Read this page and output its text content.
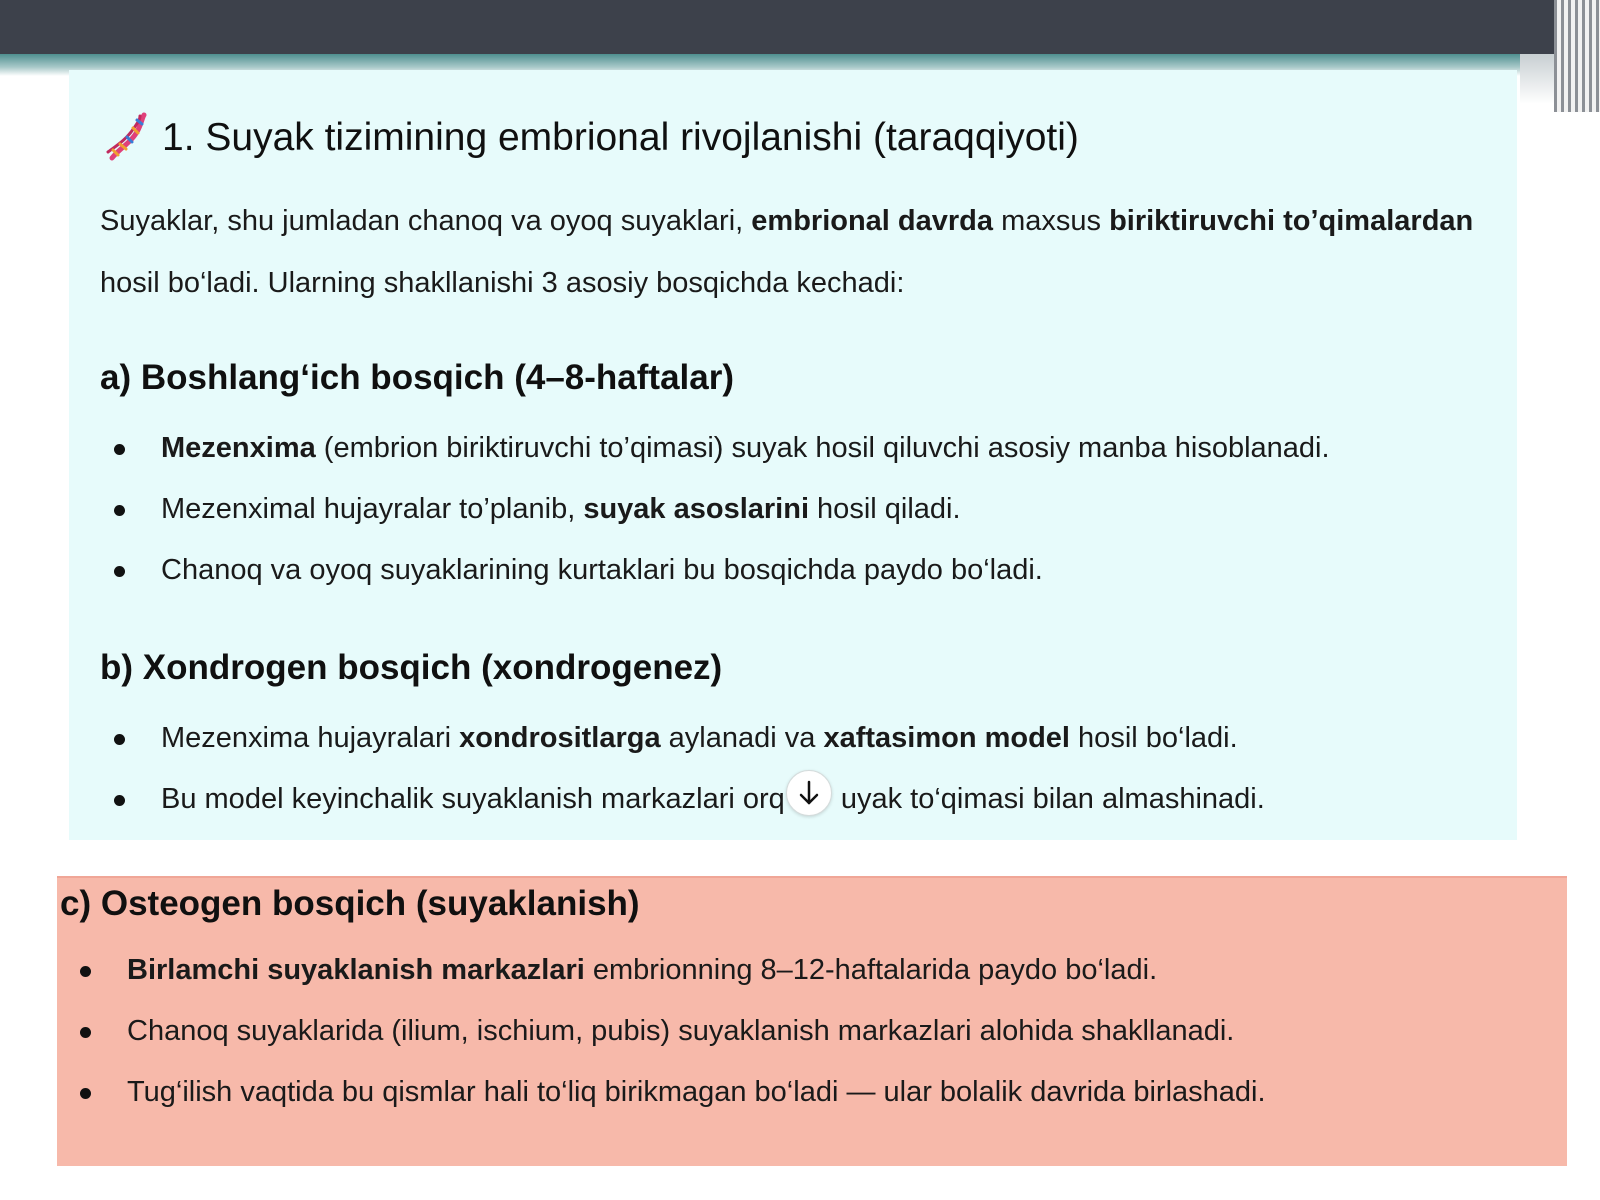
1. Suyak tizimining embrional rivojlanishi (taraqqiyoti)

Suyaklar, shu jumladan chanoq va oyoq suyaklari, embrional davrda maxsus biriktiruvchi to’qimalardan hosil bo‘ladi. Ularning shakllanishi 3 asosiy bosqichda kechadi:

a) Boshlang‘ich bosqich (4–8-haftalar)
Mezenxima (embrion biriktiruvchi to’qimasi) suyak hosil qiluvchi asosiy manba hisoblanadi.
Mezenximal hujayralar to’planib, suyak asoslarini hosil qiladi.
Chanoq va oyoq suyaklarining kurtaklari bu bosqichda paydo bo‘ladi.
b) Xondrogen bosqich (xondrogenez)
Mezenxima hujayralari xondrositlarga aylanadi va xaftasimon model hosil bo‘ladi.
Bu model keyinchalik suyaklanish markazlari orq uyak to‘qimasi bilan almashinadi.
c) Osteogen bosqich (suyaklanish)
Birlamchi suyaklanish markazlari embrionning 8–12-haftalarida paydo bo‘ladi.
Chanoq suyaklarida (ilium, ischium, pubis) suyaklanish markazlari alohida shakllanadi.
Tug‘ilish vaqtida bu qismlar hali to‘liq birikmagan bo‘ladi — ular bolalik davrida birlashadi.
